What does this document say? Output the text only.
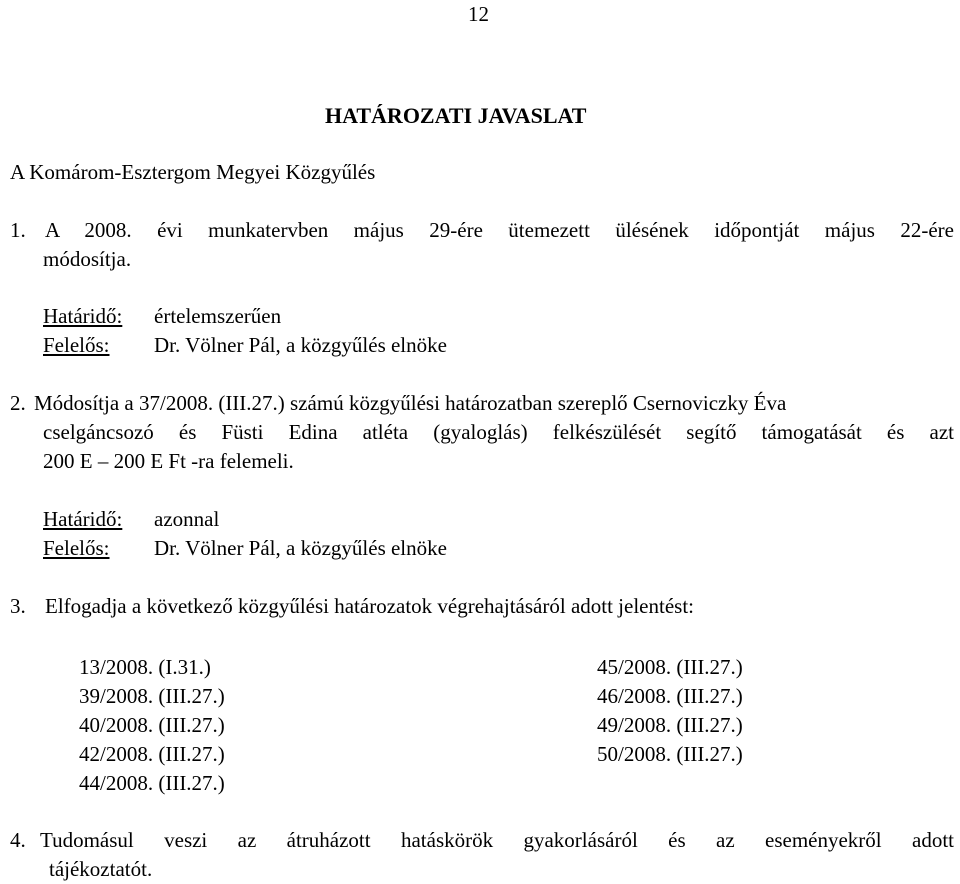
12
HATÁROZATI JAVASLAT
A Komárom-Esztergom Megyei Közgyűlés
1. A 2008. évi munkatervben május 29-ére ütemezett ülésének időpontját május 22-ére
módosítja.
Határidő: értelemszerűen
Felelős: Dr. Völner Pál, a közgyűlés elnöke
2. Módosítja a 37/2008. (III.27.) számú közgyűlési határozatban szereplő Csernoviczky Éva
cselgáncsozó és Füsti Edina atléta (gyaloglás) felkészülését segítő támogatását és azt
200 E – 200 E Ft -ra felemeli.
Határidő: azonnal
Felelős: Dr. Völner Pál, a közgyűlés elnöke
3. Elfogadja a következő közgyűlési határozatok végrehajtásáról adott jelentést:
13/2008. (I.31.)
39/2008. (III.27.)
40/2008. (III.27.)
42/2008. (III.27.)
44/2008. (III.27.)
45/2008. (III.27.)
46/2008. (III.27.)
49/2008. (III.27.)
50/2008. (III.27.)
4. Tudomásul veszi az átruházott hatáskörök gyakorlásáról és az eseményekről adott
tájékoztatót.
